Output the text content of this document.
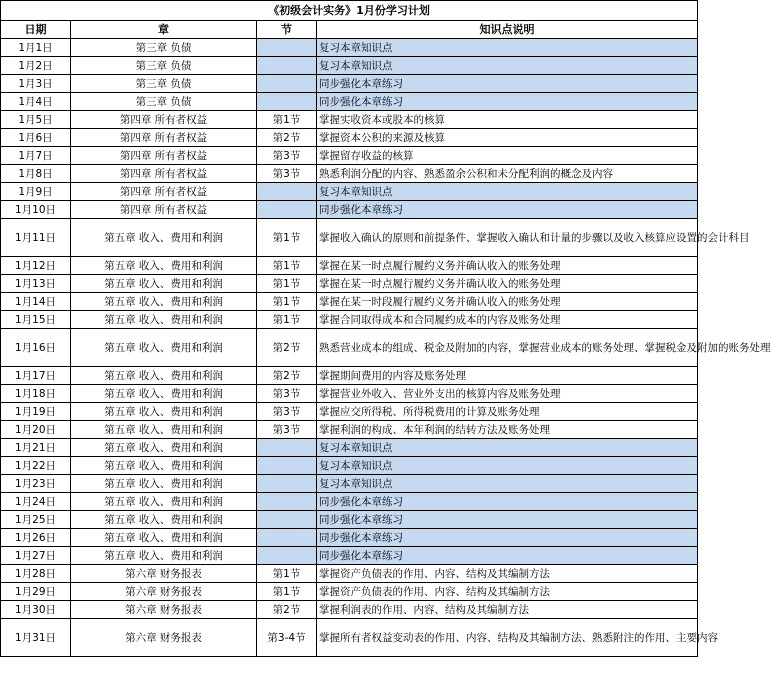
《初级会计实务》1月份学习计划			
日期	章	节	知识点说明
1月1日	第三章 负债		复习本章知识点
1月2日	第三章 负债		复习本章知识点
1月3日	第三章 负债		同步强化本章练习
1月4日	第三章 负债		同步强化本章练习
1月5日	第四章 所有者权益	第1节	掌握实收资本或股本的核算
1月6日	第四章 所有者权益	第2节	掌握资本公积的来源及核算
1月7日	第四章 所有者权益	第3节	掌握留存收益的核算
1月8日	第四章 所有者权益	第3节	熟悉利润分配的内容、熟悉盈余公积和未分配利润的概念及内容
1月9日	第四章 所有者权益		复习本章知识点
1月10日	第四章 所有者权益		同步强化本章练习
1月11日	第五章 收入、费用和利润	第1节	掌握收入确认的原则和前提条件、掌握收入确认和计量的步骤以及收入核算应设置的会计科目
1月12日	第五章 收入、费用和利润	第1节	掌握在某一时点履行履约义务并确认收入的账务处理
1月13日	第五章 收入、费用和利润	第1节	掌握在某一时点履行履约义务并确认收入的账务处理
1月14日	第五章 收入、费用和利润	第1节	掌握在某一时段履行履约义务并确认收入的账务处理
1月15日	第五章 收入、费用和利润	第1节	掌握合同取得成本和合同履约成本的内容及账务处理
1月16日	第五章 收入、费用和利润	第2节	熟悉营业成本的组成、税金及附加的内容，掌握营业成本的账务处理、掌握税金及附加的账务处理
1月17日	第五章 收入、费用和利润	第2节	掌握期间费用的内容及账务处理
1月18日	第五章 收入、费用和利润	第3节	掌握营业外收入、营业外支出的核算内容及账务处理
1月19日	第五章 收入、费用和利润	第3节	掌握应交所得税、所得税费用的计算及账务处理
1月20日	第五章 收入、费用和利润	第3节	掌握利润的构成、本年利润的结转方法及账务处理
1月21日	第五章 收入、费用和利润		复习本章知识点
1月22日	第五章 收入、费用和利润		复习本章知识点
1月23日	第五章 收入、费用和利润		复习本章知识点
1月24日	第五章 收入、费用和利润		同步强化本章练习
1月25日	第五章 收入、费用和利润		同步强化本章练习
1月26日	第五章 收入、费用和利润		同步强化本章练习
1月27日	第五章 收入、费用和利润		同步强化本章练习
1月28日	第六章 财务报表	第1节	掌握资产负债表的作用、内容、结构及其编制方法
1月29日	第六章 财务报表	第1节	掌握资产负债表的作用、内容、结构及其编制方法
1月30日	第六章 财务报表	第2节	掌握利润表的作用、内容、结构及其编制方法
1月31日	第六章 财务报表	第3-4节	掌握所有者权益变动表的作用、内容、结构及其编制方法、熟悉附注的作用、主要内容
